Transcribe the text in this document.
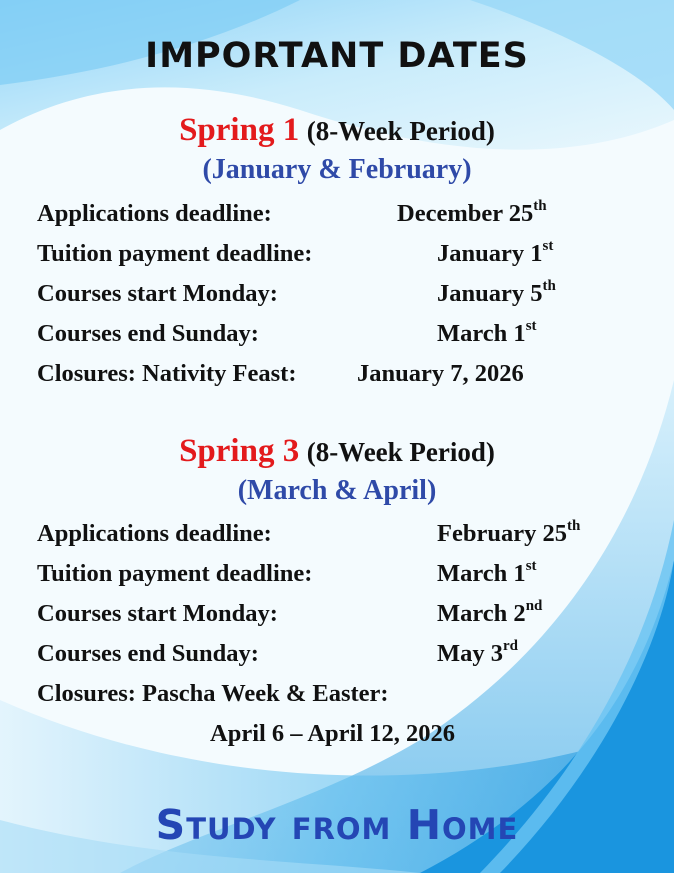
IMPORTANT DATES
Spring 1 (8-Week Period)
(January & February)
Applications deadline:	December 25th
Tuition payment deadline:	January 1st
Courses start Monday:	January 5th
Courses end Sunday:	March 1st
Closures: Nativity Feast: January 7, 2026
Spring 3 (8-Week Period)
(March & April)
Applications deadline:	February 25th
Tuition payment deadline:	March 1st
Courses start Monday:	March 2nd
Courses end Sunday:	May 3rd
Closures: Pascha Week & Easter:
April 6 – April 12, 2026
Study from Home
